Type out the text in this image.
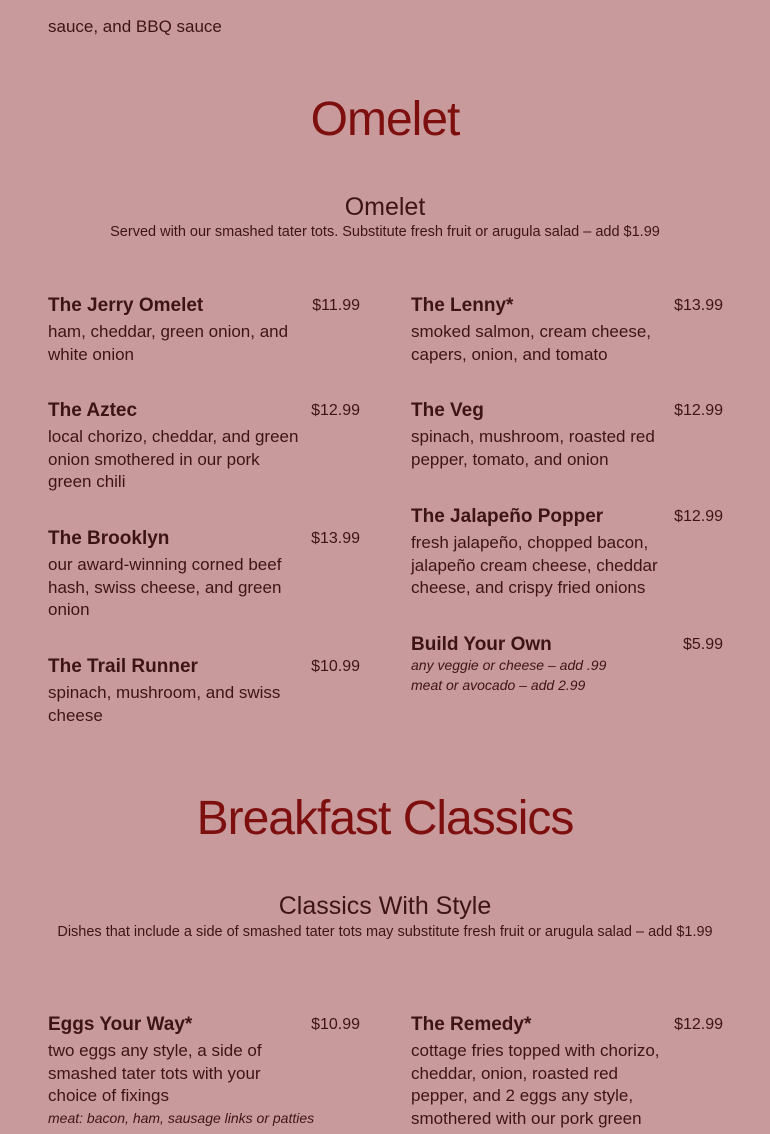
sauce, and BBQ sauce
Omelet
Omelet
Served with our smashed tater tots. Substitute fresh fruit or arugula salad – add $1.99
The Jerry Omelet	$11.99
ham, cheddar, green onion, and white onion
The Lenny*	$13.99
smoked salmon, cream cheese, capers, onion, and tomato
The Aztec	$12.99
local chorizo, cheddar, and green onion smothered in our pork green chili
The Veg	$12.99
spinach, mushroom, roasted red pepper, tomato, and onion
The Jalapeño Popper	$12.99
fresh jalapeño, chopped bacon, jalapeño cream cheese, cheddar cheese, and crispy fried onions
The Brooklyn	$13.99
our award-winning corned beef hash, swiss cheese, and green onion
Build Your Own	$5.99
any veggie or cheese – add .99
meat or avocado – add 2.99
The Trail Runner	$10.99
spinach, mushroom, and swiss cheese
Breakfast Classics
Classics With Style
Dishes that include a side of smashed tater tots may substitute fresh fruit or arugula salad – add $1.99
Eggs Your Way*	$10.99
two eggs any style, a side of smashed tater tots with your choice of fixings
meat: bacon, ham, sausage links or patties
The Remedy*	$12.99
cottage fries topped with chorizo, cheddar, onion, roasted red pepper, and 2 eggs any style, smothered with our pork green
